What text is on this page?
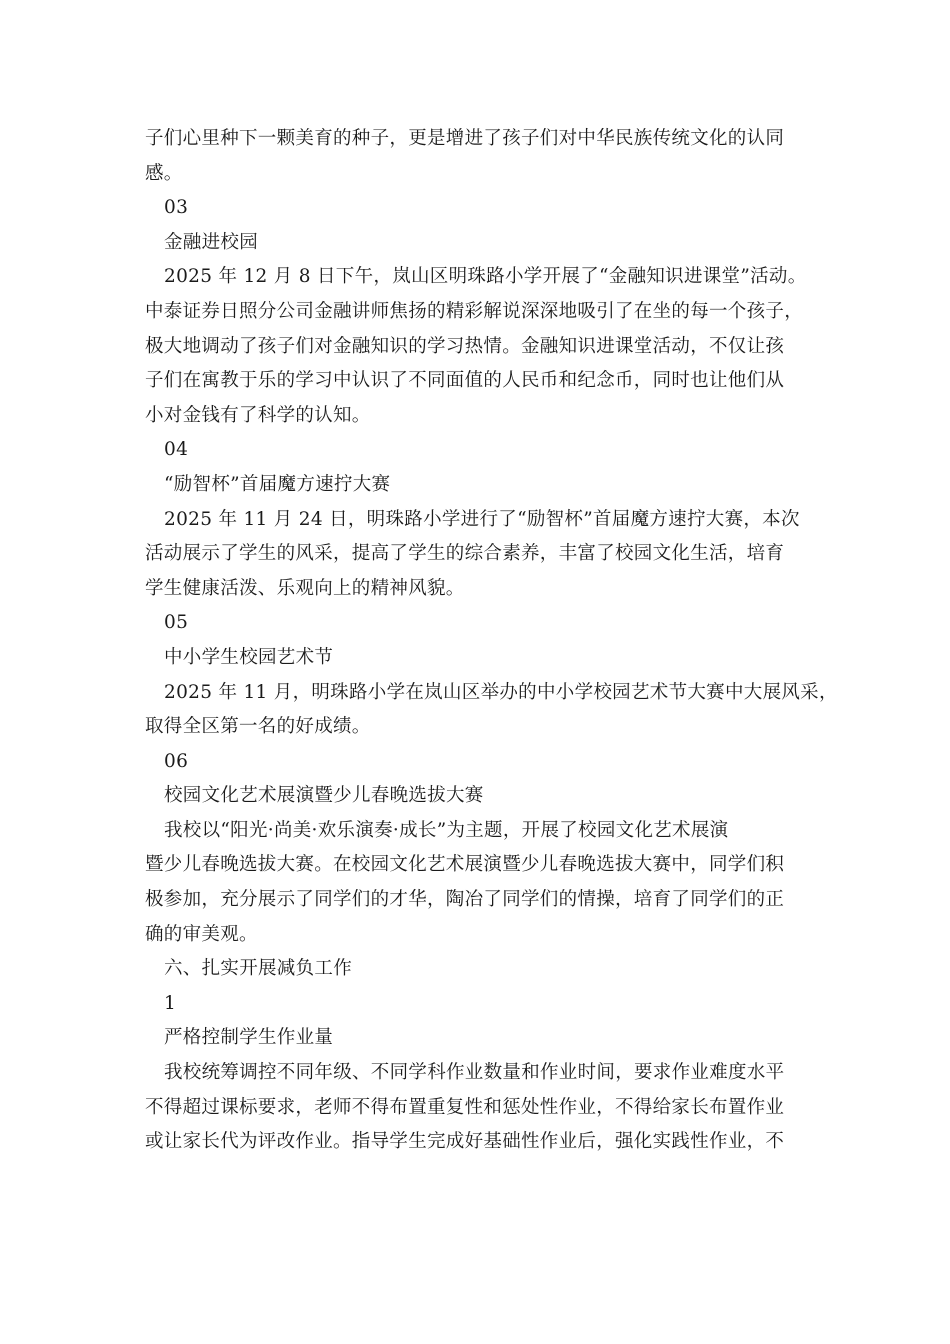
子们心里种下一颗美育的种子，更是增进了孩子们对中华民族传统文化的认同
感。
03
金融进校园
2025 年 12 月 8 日下午，岚山区明珠路小学开展了“金融知识进课堂”活动。
中泰证券日照分公司金融讲师焦扬的精彩解说深深地吸引了在坐的每一个孩子，
极大地调动了孩子们对金融知识的学习热情。金融知识进课堂活动，不仅让孩
子们在寓教于乐的学习中认识了不同面值的人民币和纪念币，同时也让他们从
小对金钱有了科学的认知。
04
“励智杯”首届魔方速拧大赛
2025 年 11 月 24 日，明珠路小学进行了“励智杯”首届魔方速拧大赛，本次
活动展示了学生的风采，提高了学生的综合素养，丰富了校园文化生活，培育
学生健康活泼、乐观向上的精神风貌。
05
中小学生校园艺术节
2025 年 11 月，明珠路小学在岚山区举办的中小学校园艺术节大赛中大展风采，
取得全区第一名的好成绩。
06
校园文化艺术展演暨少儿春晚选拔大赛
我校以“阳光·尚美·欢乐演奏·成长”为主题，开展了校园文化艺术展演
暨少儿春晚选拔大赛。在校园文化艺术展演暨少儿春晚选拔大赛中，同学们积
极参加，充分展示了同学们的才华，陶冶了同学们的情操，培育了同学们的正
确的审美观。
六、扎实开展减负工作
1
严格控制学生作业量
我校统筹调控不同年级、不同学科作业数量和作业时间，要求作业难度水平
不得超过课标要求，老师不得布置重复性和惩处性作业，不得给家长布置作业
或让家长代为评改作业。指导学生完成好基础性作业后，强化实践性作业，不
